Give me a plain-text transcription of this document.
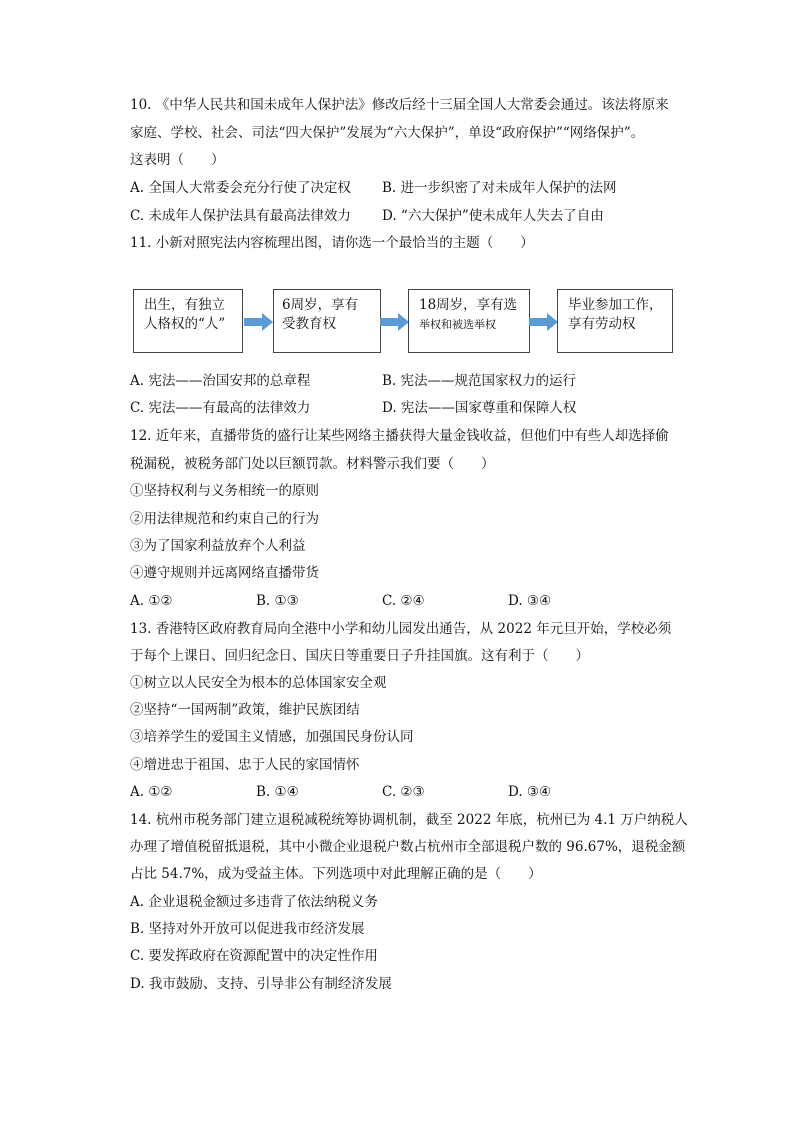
10. 《中华人民共和国未成年人保护法》修改后经十三届全国人大常委会通过。该法将原来
家庭、学校、社会、司法“四大保护”发展为“六大保护”，单设“政府保护”“网络保护”。
这表明（　　）
A. 全国人大常委会充分行使了决定权 B. 进一步织密了对未成年人保护的法网
C. 未成年人保护法具有最高法律效力 D. “六大保护”使未成年人失去了自由
11. 小新对照宪法内容梳理出图，请你选一个最恰当的主题（　　）
出生，有独立
人格权的“人”
6周岁，享有
受教育权
18周岁，享有选
举权和被选举权
毕业参加工作，
享有劳动权
A. 宪法——治国安邦的总章程	B. 宪法——规范国家权力的运行
C. 宪法——有最高的法律效力	D. 宪法——国家尊重和保障人权
12. 近年来，直播带货的盛行让某些网络主播获得大量金钱收益，但他们中有些人却选择偷
税漏税，被税务部门处以巨额罚款。材料警示我们要（　　）
①坚持权利与义务相统一的原则
②用法律规范和约束自己的行为
③为了国家利益放弃个人利益
④遵守规则并远离网络直播带货
A. ①②	B. ①③	C. ②④	D. ③④
13. 香港特区政府教育局向全港中小学和幼儿园发出通告，从 2022 年元旦开始，学校必须
于每个上课日、回归纪念日、国庆日等重要日子升挂国旗。这有利于（　　）
①树立以人民安全为根本的总体国家安全观
②坚持“一国两制”政策，维护民族团结
③培养学生的爱国主义情感，加强国民身份认同
④增进忠于祖国、忠于人民的家国情怀
A. ①②	B. ①④	C. ②③	D. ③④
14. 杭州市税务部门建立退税减税统筹协调机制，截至 2022 年底，杭州已为 4.1 万户纳税人
办理了增值税留抵退税，其中小微企业退税户数占杭州市全部退税户数的 96.67%，退税金额
占比 54.7%，成为受益主体。下列选项中对此理解正确的是（　　）
A. 企业退税金额过多违背了依法纳税义务
B. 坚持对外开放可以促进我市经济发展
C. 要发挥政府在资源配置中的决定性作用
D. 我市鼓励、支持、引导非公有制经济发展
